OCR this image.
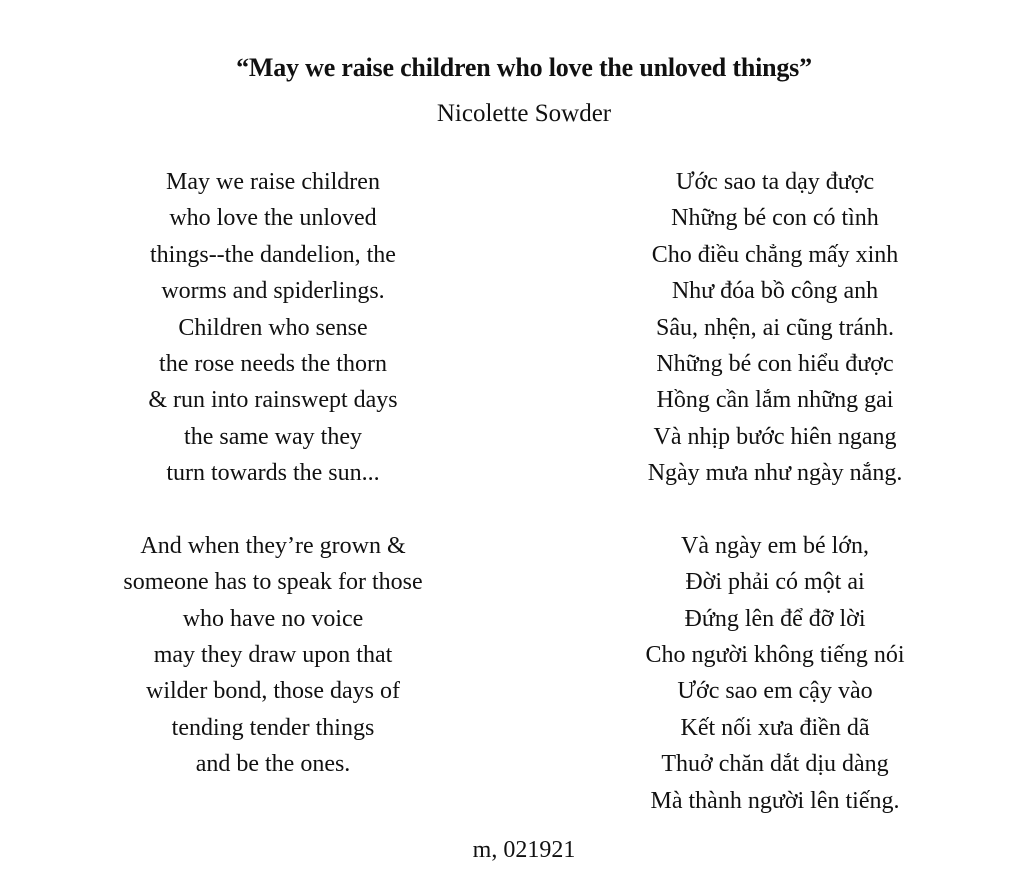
“May we raise children who love the unloved things”
Nicolette Sowder
May we raise children
who love the unloved
things--the dandelion, the
worms and spiderlings.
Children who sense
the rose needs the thorn
& run into rainswept days
the same way they
turn towards the sun...
And when they’re grown &
someone has to speak for those
who have no voice
may they draw upon that
wilder bond, those days of
tending tender things
and be the ones.
Ước sao ta dạy được
Những bé con có tình
Cho điều chẳng mấy xinh
Như đóa bồ công anh
Sâu, nhện, ai cũng tránh.
Những bé con hiểu được
Hồng cần lắm những gai
Và nhịp bước hiên ngang
Ngày mưa như ngày nắng.
Và ngày em bé lớn,
Đời phải có một ai
Đứng lên để đỡ lời
Cho người không tiếng nói
Ước sao em cậy vào
Kết nối xưa điền dã
Thuở chăn dắt dịu dàng
Mà thành người lên tiếng.
m, 021921
